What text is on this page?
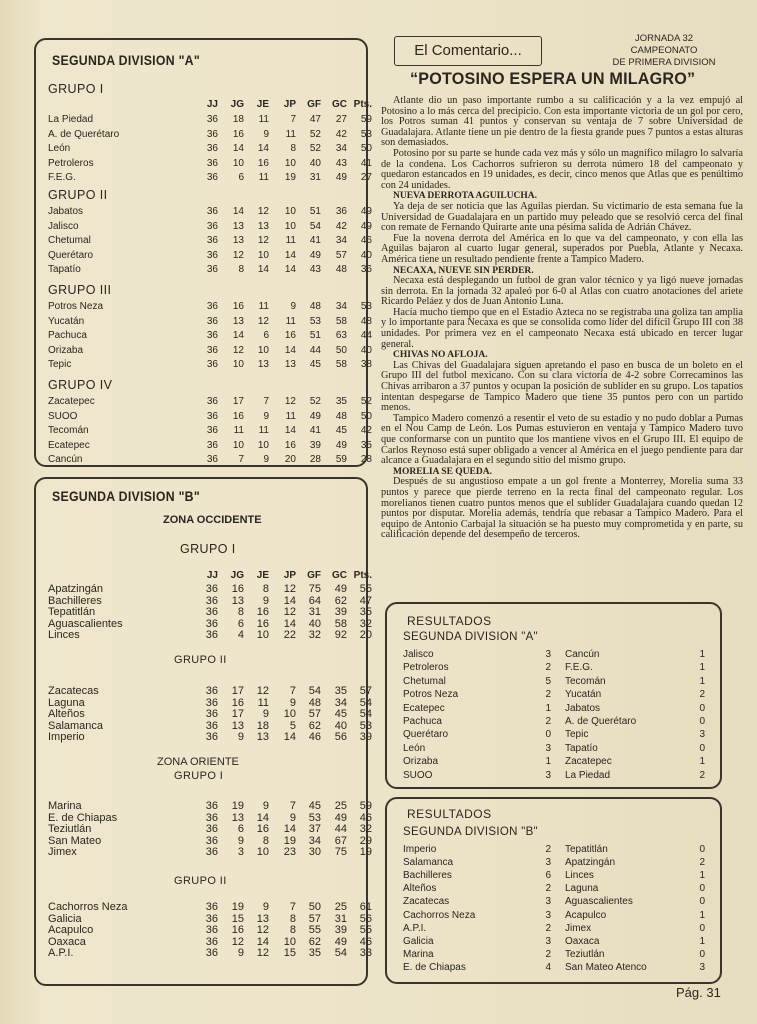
SEGUNDA DIVISION "A"
GRUPO I
JJ	JG	JE	JP	GF	GC Pts.
La Piedad	36	18	11	7	47	27	59
A. de Querétaro	36	16	9	11	52	42	53
León	36	14	14	8	52	34	50
Petroleros	36	10	16	10	40	43	41
F.E.G.	36	6	11	19	31	49	27
GRUPO II
Jabatos	36	14	12	10	51	36	49
Jalisco	36	13	13	10	54	42	49
Chetumal	36	13	12	11	41	34	46
Querétaro	36	12	10	14	49	57	40
Tapatío	36	8	14	14	43	48	36
GRUPO III
Potros Neza	36	16	11	9	48	34	53
Yucatán	36	13	12	11	53	58	48
Pachuca	36	14	6	16	51	63	44
Orizaba	36	12	10	14	44	50	40
Tepic	36	10	13	13	45	58	38
GRUPO IV
Zacatepec	36	17	7	12	52	35	52
SUOO	36	16	9	11	49	48	50
Tecomán	36	11	11	14	41	45	42
Ecatepec	36	10	10	16	39	49	35
Cancún	36	7	9	20	28	59	28
SEGUNDA DIVISION "B"
ZONA OCCIDENTE
ZONA ORIENTE
GRUPO I
JJ	JG	JE	JP	GF	GC Pts.
Apatzingán	36	16	8	12	75	49	55
Bachilleres	36	13	9	14	64	62	47
Tepatitlán	36	8	16	12	31	39	35
Aguascalientes	36	6	16	14	40	58	32
Linces	36	4	10	22	32	92	20
GRUPO II
Zacatecas	36	17	12	7	54	35	57
Laguna	36	16	11	9	48	34	54
Alteños	36	17	9	10	57	45	54
Salamanca	36	13	18	5	62	40	53
Imperio	36	9	13	14	46	56	39
GRUPO I
Marina	36	19	9	7	45	25	59
E. de Chiapas	36	13	14	9	53	49	46
Teziutlán	36	6	16	14	37	44	32
San Mateo	36	9	8	19	34	67	29
Jimex	36	3	10	23	30	75	19
GRUPO II
Cachorros Neza	36	19	9	7	50	25	61
Galicia	36	15	13	8	57	31	56
Acapulco	36	16	12	8	55	39	55
Oaxaca	36	12	14	10	62	49	46
A.P.I.	36	9	12	15	35	54	33
El Comentario...
JORNADA 32
CAMPEONATO
DE PRIMERA DIVISION
“POTOSINO ESPERA UN MILAGRO”

Atlante dio un paso importante rumbo a su calificación y a la vez empujó al Potosino a lo más cerca del precipicio. Con esta importante victoria de un gol por cero, los Potros suman 41 puntos y conservan su ventaja de 7 sobre Universidad de Guadalajara. Atlante tiene un pie dentro de la fiesta grande pues 7 puntos a estas alturas son demasiados.

Potosino por su parte se hunde cada vez más y sólo un magnífico milagro lo salvaría de la condena. Los Cachorros sufrieron su derrota número 18 del campeonato y quedaron estancados en 19 unidades, es decir, cinco menos que Atlas que es penúltimo con 24 unidades.

NUEVA DERROTA AGUILUCHA.

Ya deja de ser noticia que las Aguilas pierdan. Su victimario de esta semana fue la Universidad de Guadalajara en un partido muy peleado que se resolvió cerca del final con remate de Fernando Quirarte ante una pésima salida de Adrián Chávez.

Fue la novena derrota del América en lo que va del campeonato, y con ella las Aguilas bajaron al cuarto lugar general, superados por Puebla, Atlante y Necaxa. América tiene un resultado pendiente frente a Tampico Madero.

NECAXA, NUEVE SIN PERDER.

Necaxa está desplegando un futbol de gran valor técnico y ya ligó nueve jornadas sin derrota. En la jornada 32 apaleó por 6-0 al Atlas con cuatro anotaciones del ariete Ricardo Peláez y dos de Juan Antonio Luna.

Hacía mucho tiempo que en el Estadio Azteca no se registraba una goliza tan amplia y lo importante para Necaxa es que se consolida como líder del difícil Grupo III con 38 unidades. Por primera vez en el campeonato Necaxa está ubicado en tercer lugar general.

CHIVAS NO AFLOJA.

Las Chivas del Guadalajara siguen apretando el paso en busca de un boleto en el Grupo III del futbol mexicano. Con su clara victoria de 4-2 sobre Correcaminos las Chivas arribaron a 37 puntos y ocupan la posición de sublíder en su grupo. Los tapatíos intentan despegarse de Tampico Madero que tiene 35 puntos pero con un partido menos.

Tampico Madero comenzó a resentir el veto de su estadio y no pudo doblar a Pumas en el Nou Camp de León. Los Pumas estuvieron en ventaja y Tampico Madero tuvo que conformarse con un puntito que los mantiene vivos en el Grupo III. El equipo de Carlos Reynoso está super obligado a vencer al América en el juego pendiente para dar alcance a Guadalajara en el segundo sitio del mismo grupo.

MORELIA SE QUEDA.

Después de su angustioso empate a un gol frente a Monterrey, Morelia suma 33 puntos y parece que pierde terreno en la recta final del campeonato regular. Los morelianos tienen cuatro puntos menos que el sublíder Guadalajara cuando quedan 12 puntos por disputar. Morelia además, tendría que rebasar a Tampico Madero. Para el equipo de Antonio Carbajal la situación se ha puesto muy comprometida y en parte, su calificación depende del desempeño de terceros.

RESULTADOS
SEGUNDA DIVISION "A"
Jalisco	3 Cancún	1
Petroleros	2 F.E.G.	1
Chetumal	5 Tecomán	1
Potros Neza	2 Yucatán	2
Ecatepec	1 Jabatos	0
Pachuca	2 A. de Querétaro	0
Querétaro	0 Tepic	3
León	3 Tapatío	0
Orizaba	1 Zacatepec	1
SUOO	3 La Piedad	2
RESULTADOS
SEGUNDA DIVISION "B"
Imperio	2 Tepatitlán	0
Salamanca	3 Apatzingán	2
Bachilleres	6 Linces	1
Alteños	2 Laguna	0
Zacatecas	3 Aguascalientes	0
Cachorros Neza	3 Acapulco	1
A.P.I.	2 Jimex	0
Galicia	3 Oaxaca	1
Marina	2 Teziutlán	0
E. de Chiapas	4 San Mateo Atenco	3
Pág. 31
